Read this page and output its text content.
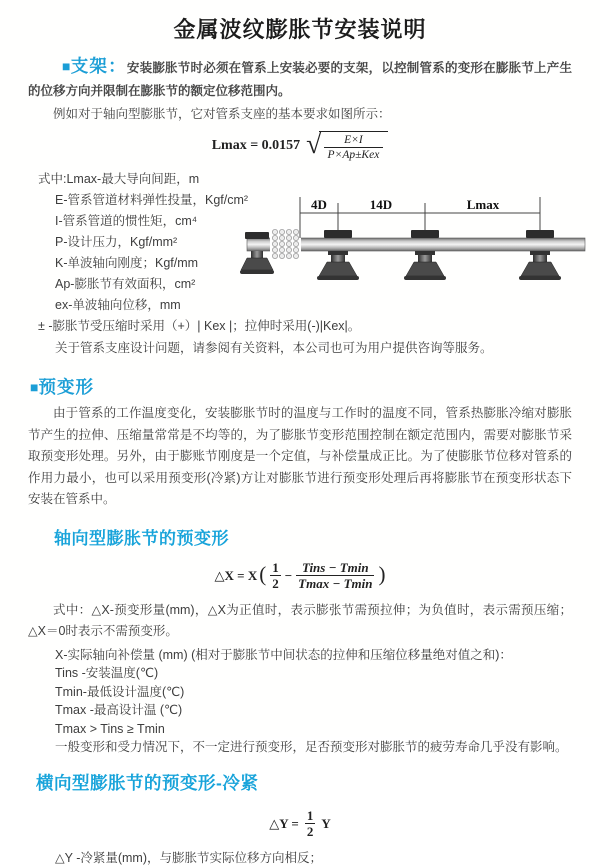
金属波纹膨胀节安装说明

■支架：安装膨胀节时必须在管系上安装必要的支架，以控制管系的变形在膨胀节上产生的位移方向并限制在膨胀节的额定位移范围内。

例如对于轴向型膨胀节，它对管系支座的基本要求如图所示：

Lmax = 0.0157 √	E×I
P×Ap±Kex
式中:Lmax-最大导向间距，m
E-管系管道材料弹性投量，Kgf/cm²
I-管系管道的惯性矩，cm⁴
P-设计压力，Kgf/mm²
K-单波轴向刚度；Kgf/mm
Ap-膨胀节有效面积，cm²
ex-单波轴向位移，mm
± -膨胀节受压缩时采用（+）| Kex |；拉伸时采用(-)|Kex|。
关于管系支座设计问题，请参阅有关资料，本公司也可为用户提供咨询等服务。
■预变形

由于管系的工作温度变化，安装膨胀节时的温度与工作时的温度不同，管系热膨胀冷缩对膨胀节产生的拉伸、压缩量常常是不均等的，为了膨胀节变形范围控制在额定范围内，需要对膨胀节采取预变形处理。另外，由于膨账节刚度是一个定值，与补偿量成正比。为了使膨胀节位移对管系的作用力最小，也可以采用预变形(冷紧)方让对膨胀节进行预变形处理后再将膨胀节在预变形状态下安装在管系中。

轴向型膨胀节的预变形
△X = X ( $\frac{1}{2} - \frac{\text{Tins − Tmin}}{Tmax - Tmin}$ )

式中：△X-预变形量(mm)，△X为正值时，表示膨张节需预拉伸；为负值时，表示需预压缩；△X＝0时表示不需预变形。

X-实际轴向补偿量 (mm) (相对于膨胀节中间状态的拉伸和压缩位移量绝对值之和)：
Tins -安装温度(℃)
Tmin-最低设计温度(℃)
Tmax -最高设计温 (℃)
Tmax > Tins ≥ Tmin
一般变形和受力情况下，不一定进行预变形，足否预变形对膨胀节的疲劳寿命几乎没有影响。
横向型膨胀节的预变形-冷紧
△Y = $\frac{1}{2}$ Y
△Y -冷紧量(mm)，与膨胀节实际位移方向相反；
4D	14D	Lmax
